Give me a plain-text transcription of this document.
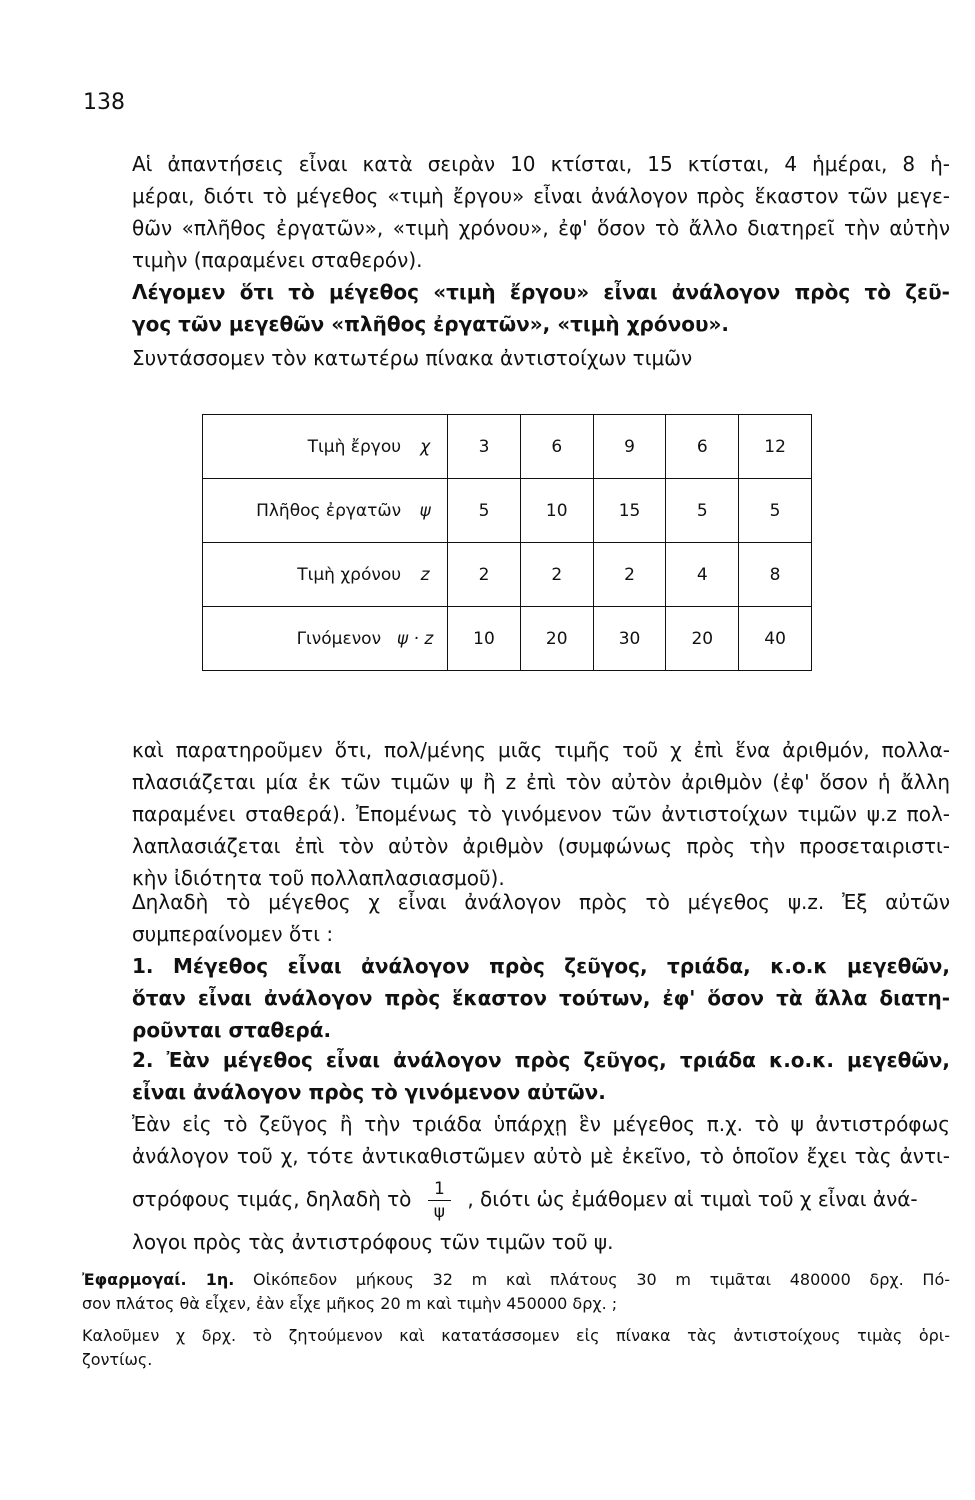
138
Αἱ ἀπαντήσεις εἶναι κατὰ σειρὰν 10 κτίσται, 15 κτίσται, 4 ἡμέραι, 8 ἡ-
μέραι, διότι τὸ μέγεθος «τιμὴ ἔργου» εἶναι ἀνάλογον πρὸς ἕκαστον τῶν μεγε-
θῶν «πλῆθος ἐργατῶν», «τιμὴ χρόνου», ἐφ' ὅσον τὸ ἄλλο διατηρεῖ τὴν αὐτὴν
τιμὴν (παραμένει σταθερόν).
Λέγομεν ὅτι τὸ μέγεθος «τιμὴ ἔργου» εἶναι ἀνάλογον πρὸς τὸ ζεῦ-
γος τῶν μεγεθῶν «πλῆθος ἐργατῶν», «τιμὴ χρόνου».
Συντάσσομεν τὸν κατωτέρω πίνακα ἀντιστοίχων τιμῶν
Τιμὴ ἔργου χ	3	6	9	6	12
Πλῆθος ἐργατῶν ψ	5	10	15	5	5
Τιμὴ χρόνου z	2	2	2	4	8
Γινόμενον ψ · z	10	20	30	20	40
καὶ παρατηροῦμεν ὅτι, πολ/μένης μιᾶς τιμῆς τοῦ χ ἐπὶ ἕνα ἀριθμόν, πολλα-
πλασιάζεται μία ἐκ τῶν τιμῶν ψ ἢ z ἐπὶ τὸν αὐτὸν ἀριθμὸν (ἐφ' ὅσον ἡ ἄλλη
παραμένει σταθερά). Ἐπομένως τὸ γινόμενον τῶν ἀντιστοίχων τιμῶν ψ.z πολ-
λαπλασιάζεται ἐπὶ τὸν αὐτὸν ἀριθμὸν (συμφώνως πρὸς τὴν προσεταιριστι-
κὴν ἰδιότητα τοῦ πολλαπλασιασμοῦ).
Δηλαδὴ τὸ μέγεθος χ εἶναι ἀνάλογον πρὸς τὸ μέγεθος ψ.z. Ἐξ αὐτῶν
συμπεραίνομεν ὅτι :
1. Μέγεθος εἶναι ἀνάλογον πρὸς ζεῦγος, τριάδα, κ.ο.κ μεγεθῶν,
ὅταν εἶναι ἀνάλογον πρὸς ἕκαστον τούτων, ἐφ' ὅσον τὰ ἄλλα διατη-
ροῦνται σταθερά.
2. Ἐὰν μέγεθος εἶναι ἀνάλογον πρὸς ζεῦγος, τριάδα κ.ο.κ. μεγεθῶν,
εἶναι ἀνάλογον πρὸς τὸ γινόμενον αὐτῶν.
Ἐὰν εἰς τὸ ζεῦγος ἢ τὴν τριάδα ὑπάρχῃ ἓν μέγεθος π.χ. τὸ ψ ἀντιστρόφως
ἀνάλογον τοῦ χ, τότε ἀντικαθιστῶμεν αὐτὸ μὲ ἐκεῖνο, τὸ ὁποῖον ἔχει τὰς ἀντι-
στρόφους τιμάς, δηλαδὴ τὸ $\frac{1}{\psi}$ , διότι ὡς ἐμάθομεν αἱ τιμαὶ τοῦ χ εἶναι ἀνά-
λογοι πρὸς τὰς ἀντιστρόφους τῶν τιμῶν τοῦ ψ.
Ἐφαρμογαί. 1η. Οἰκόπεδον μήκους 32 m καὶ πλάτους 30 m τιμᾶται 480000 δρχ. Πό-
σον πλάτος θὰ εἶχεν, ἐὰν εἶχε μῆκος 20 m καὶ τιμὴν 450000 δρχ. ;
Καλοῦμεν χ δρχ. τὸ ζητούμενον καὶ κατατάσσομεν εἰς πίνακα τὰς ἀντιστοίχους τιμὰς ὁρι-
ζοντίως.
